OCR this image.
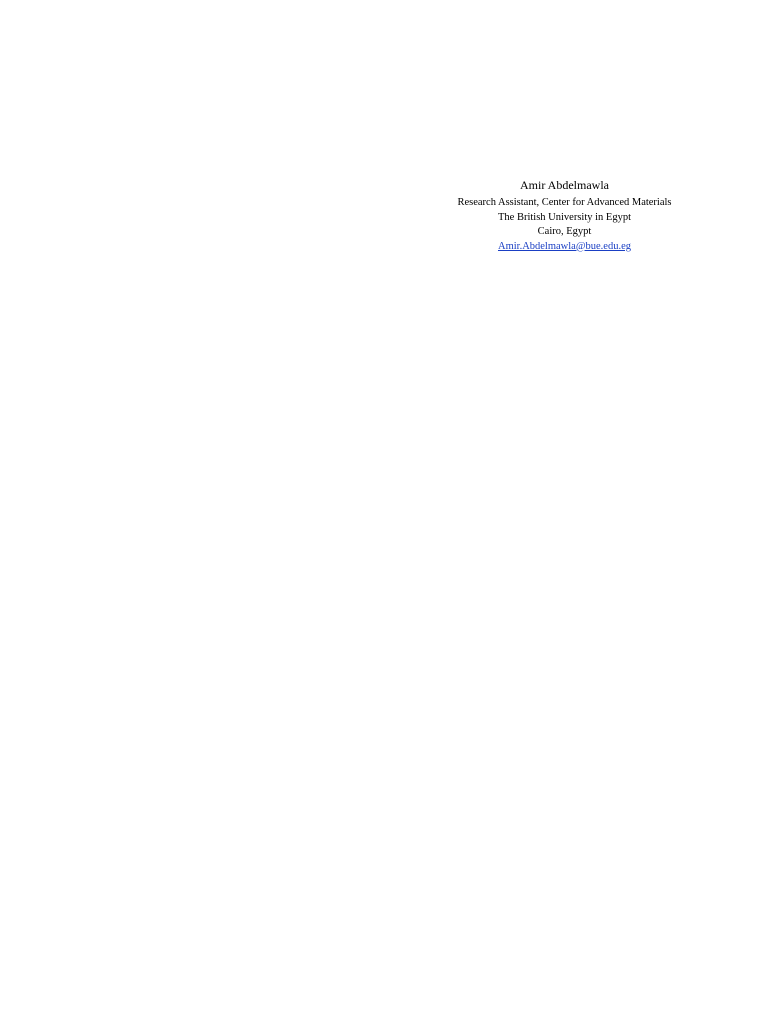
Amir Abdelmawla
Research Assistant, Center for Advanced Materials
The British University in Egypt
Cairo, Egypt
Amir.Abdelmawla@bue.edu.eg
